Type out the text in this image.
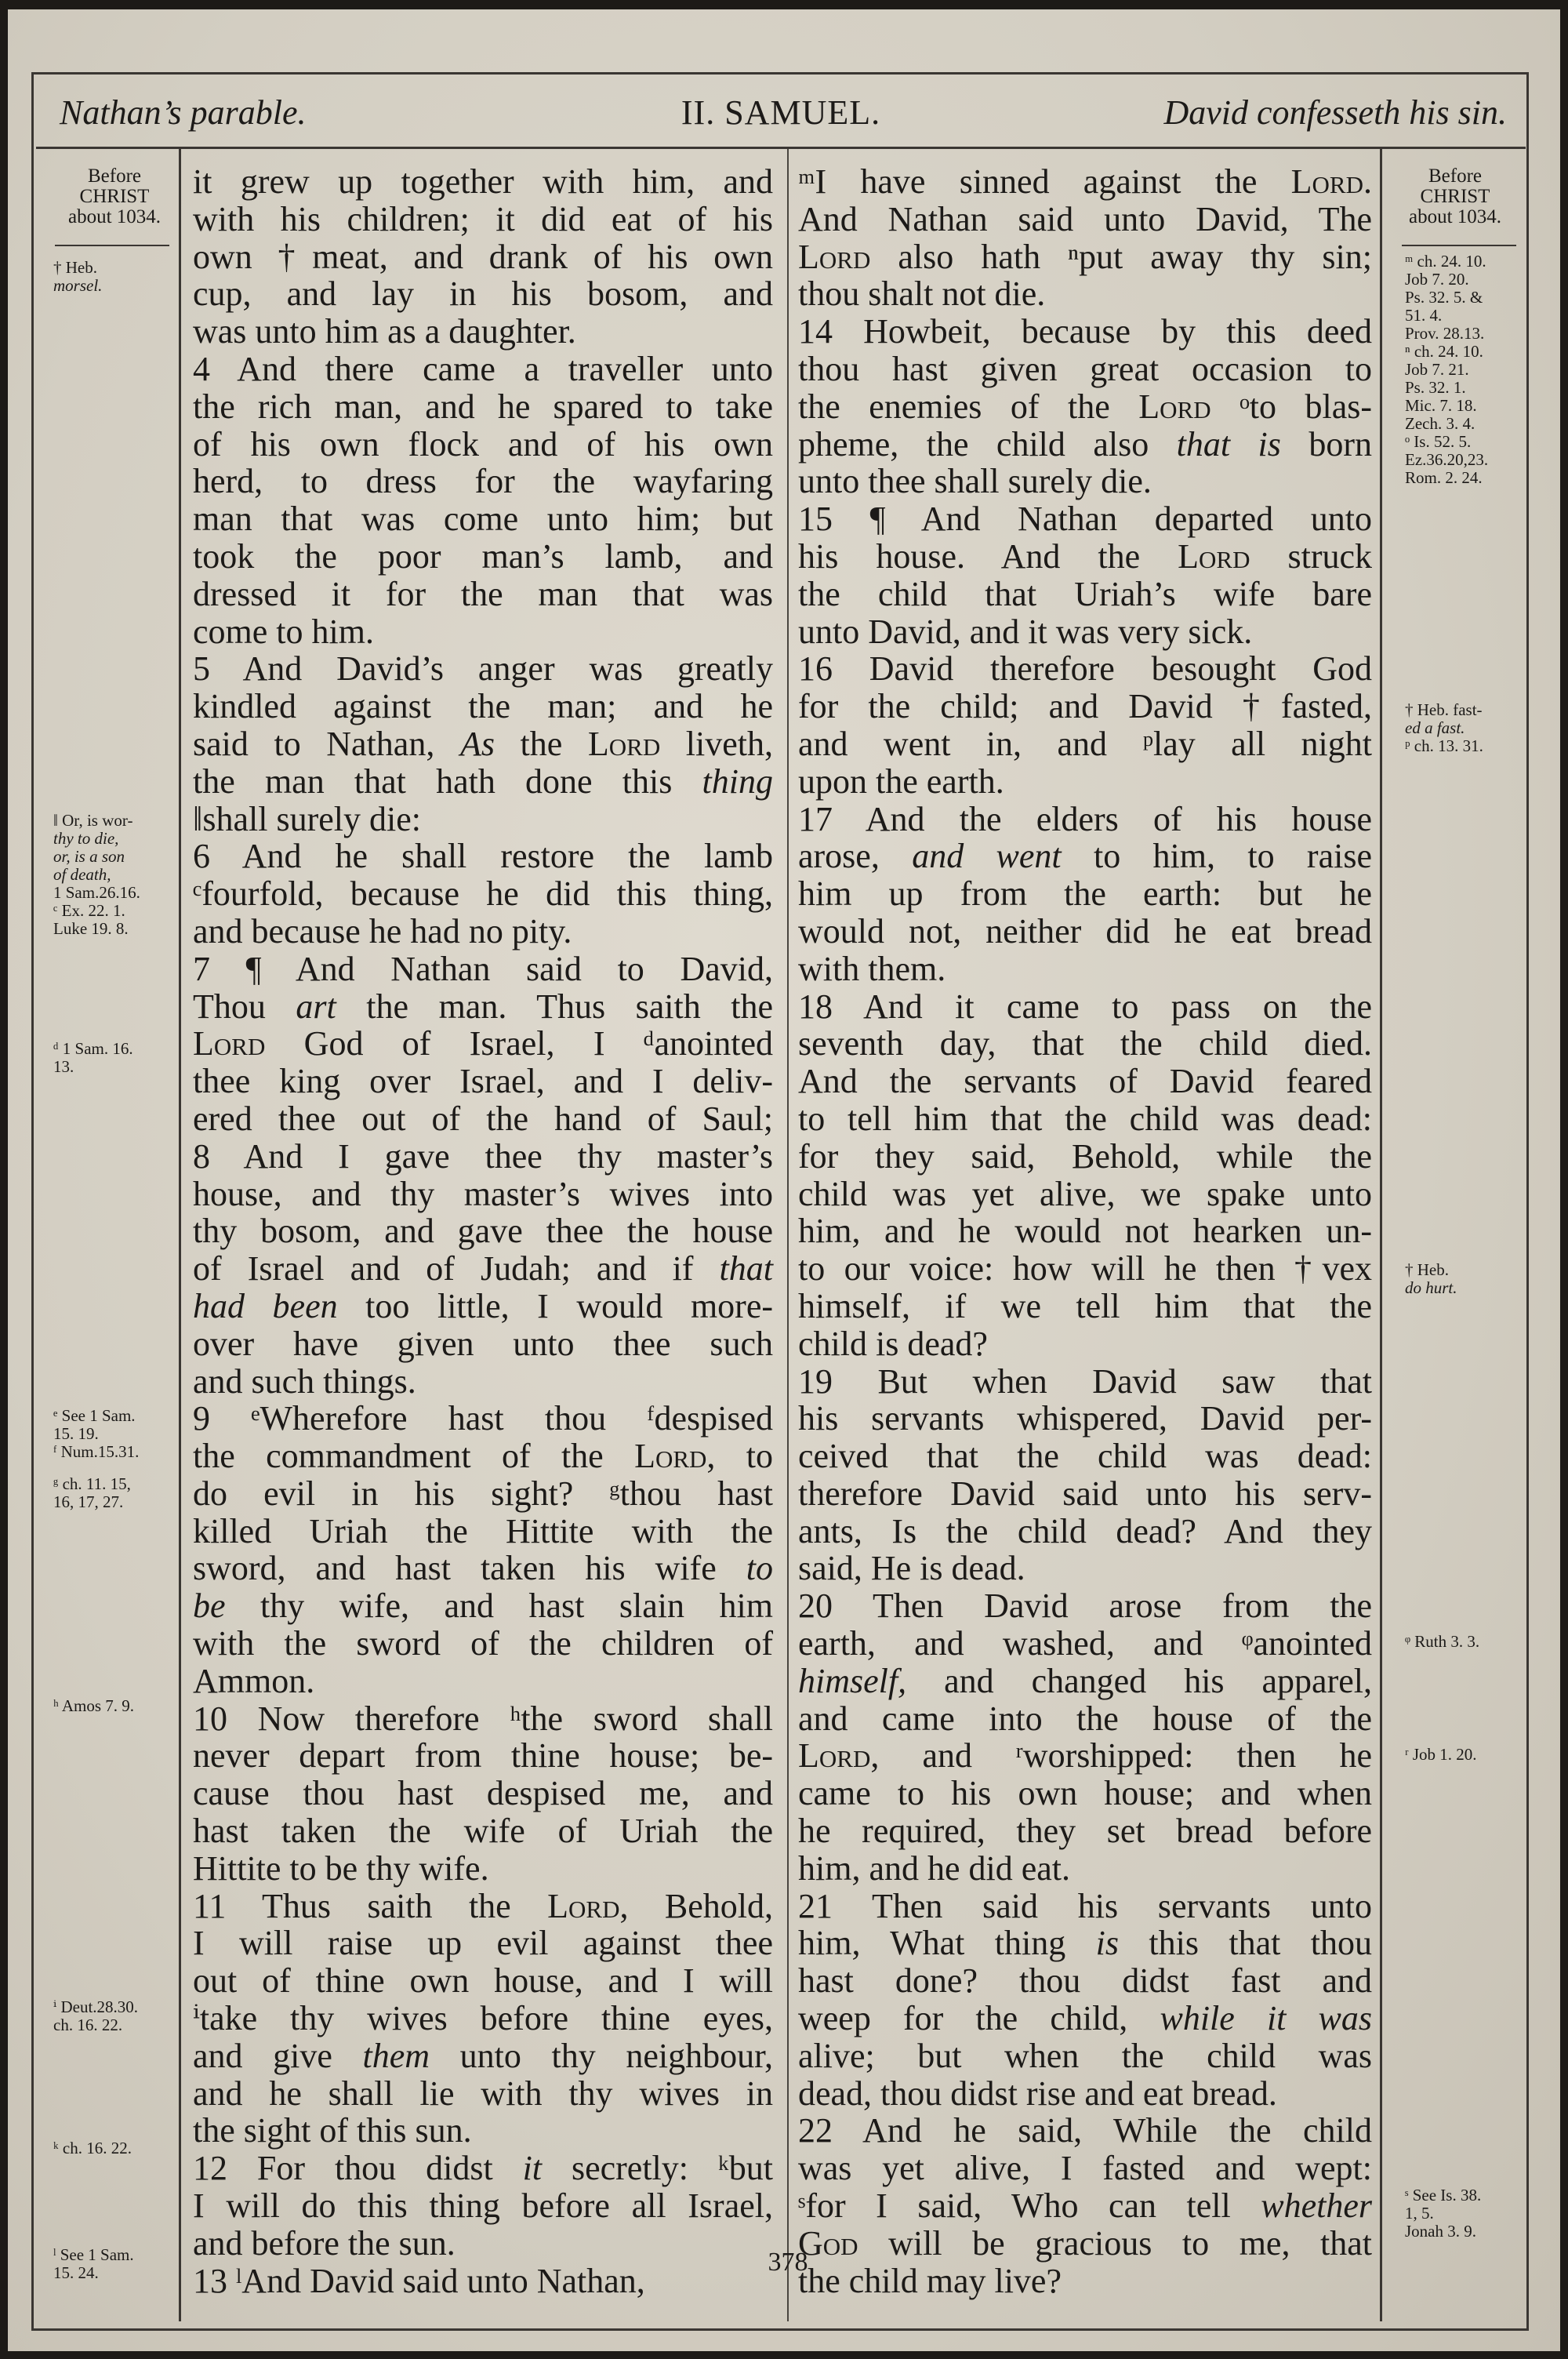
II. SAMUEL.
Nathan’s parable.	David confesseth his sin.
Before
CHRIST
about 1034.
Before
CHRIST
about 1034.
† Heb.
morsel.
‖ Or, is wor-
thy to die,
or, is a son
of death,
1 Sam.26.16.
ᶜ Ex. 22. 1.
Luke 19. 8.
ᵈ 1 Sam. 16.
13.
ᵉ See 1 Sam.
15. 19.
ᶠ Num.15.31.
ᵍ ch. 11. 15,
16, 17, 27.
ʰ Amos 7. 9.
ⁱ Deut.28.30.
ch. 16. 22.
ᵏ ch. 16. 22.
ˡ See 1 Sam.
15. 24.
ᵐ ch. 24. 10.
Job 7. 20.
Ps. 32. 5. &
51. 4.
Prov. 28.13.
ⁿ ch. 24. 10.
Job 7. 21.
Ps. 32. 1.
Mic. 7. 18.
Zech. 3. 4.
ᵒ Is. 52. 5.
Ez.36.20,23.
Rom. 2. 24.
† Heb. fast-
ed a fast.
ᵖ ch. 13. 31.
† Heb.
do hurt.
ᵠ Ruth 3. 3.
ʳ Job 1. 20.
ˢ See Is. 38.
1, 5.
Jonah 3. 9.
it grew up together with him, and
with his children; it did eat of his
own †meat, and drank of his own
cup, and lay in his bosom, and
was unto him as a daughter.
4 And there came a traveller unto
the rich man, and he spared to take
of his own flock and of his own
herd, to dress for the wayfaring
man that was come unto him; but
took the poor man’s lamb, and
dressed it for the man that was
come to him.
5 And David’s anger was greatly
kindled against the man; and he
said to Nathan, As the Lord liveth,
the man that hath done this thing
‖shall surely die:
6 And he shall restore the lamb
ᶜfourfold, because he did this thing,
and because he had no pity.
7 ¶ And Nathan said to David,
Thou art the man. Thus saith the
Lord God of Israel, I ᵈanointed
thee king over Israel, and I deliv-
ered thee out of the hand of Saul;
8 And I gave thee thy master’s
house, and thy master’s wives into
thy bosom, and gave thee the house
of Israel and of Judah; and if that
had been too little, I would more-
over have given unto thee such
and such things.
9 ᵉWherefore hast thou ᶠdespised
the commandment of the Lord, to
do evil in his sight? ᵍthou hast
killed Uriah the Hittite with the
sword, and hast taken his wife to
be thy wife, and hast slain him
with the sword of the children of
Ammon.
10 Now therefore ʰthe sword shall
never depart from thine house; be-
cause thou hast despised me, and
hast taken the wife of Uriah the
Hittite to be thy wife.
11 Thus saith the Lord, Behold,
I will raise up evil against thee
out of thine own house, and I will
ⁱtake thy wives before thine eyes,
and give them unto thy neighbour,
and he shall lie with thy wives in
the sight of this sun.
12 For thou didst it secretly: ᵏbut
I will do this thing before all Israel,
and before the sun.
13 ˡAnd David said unto Nathan,
ᵐI have sinned against the Lord.
And Nathan said unto David, The
Lord also hath ⁿput away thy sin;
thou shalt not die.
14 Howbeit, because by this deed
thou hast given great occasion to
the enemies of the Lord ᵒto blas-
pheme, the child also that is born
unto thee shall surely die.
15 ¶ And Nathan departed unto
his house. And the Lord struck
the child that Uriah’s wife bare
unto David, and it was very sick.
16 David therefore besought God
for the child; and David †fasted,
and went in, and ᵖlay all night
upon the earth.
17 And the elders of his house
arose, and went to him, to raise
him up from the earth: but he
would not, neither did he eat bread
with them.
18 And it came to pass on the
seventh day, that the child died.
And the servants of David feared
to tell him that the child was dead:
for they said, Behold, while the
child was yet alive, we spake unto
him, and he would not hearken un-
to our voice: how will he then †vex
himself, if we tell him that the
child is dead?
19 But when David saw that
his servants whispered, David per-
ceived that the child was dead:
therefore David said unto his serv-
ants, Is the child dead? And they
said, He is dead.
20 Then David arose from the
earth, and washed, and ᵠanointed
himself, and changed his apparel,
and came into the house of the
Lord, and ʳworshipped: then he
came to his own house; and when
he required, they set bread before
him, and he did eat.
21 Then said his servants unto
him, What thing is this that thou
hast done? thou didst fast and
weep for the child, while it was
alive; but when the child was
dead, thou didst rise and eat bread.
22 And he said, While the child
was yet alive, I fasted and wept:
ˢfor I said, Who can tell whether
God will be gracious to me, that
the child may live?
378
